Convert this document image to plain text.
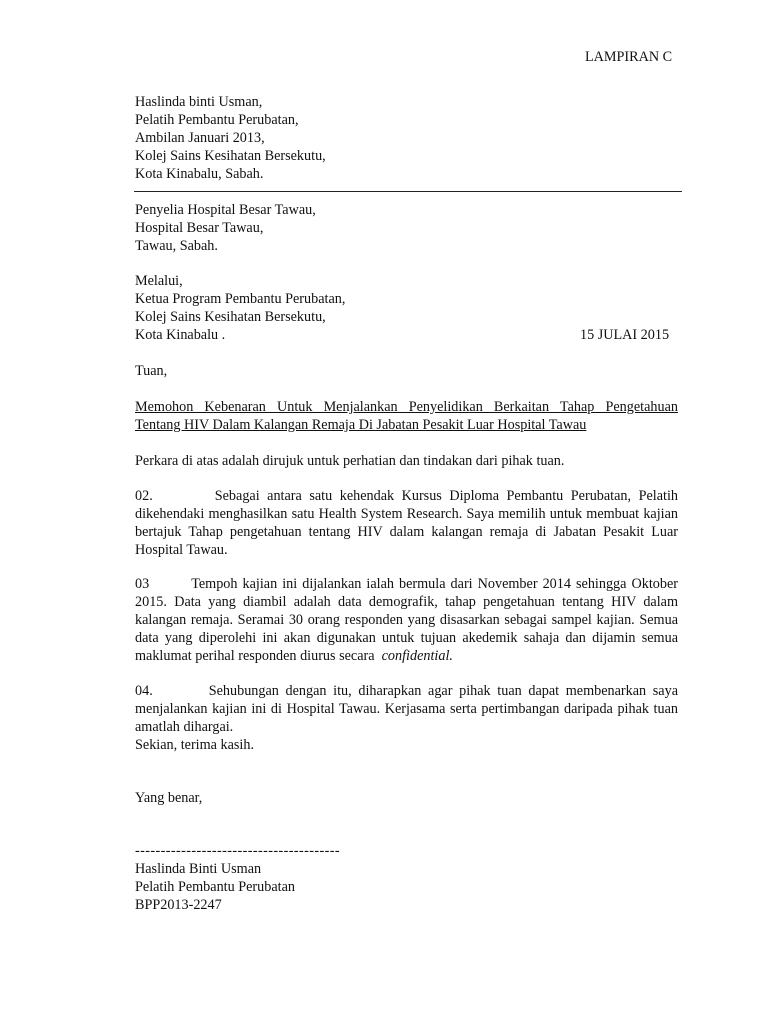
LAMPIRAN C
Haslinda binti Usman,
Pelatih Pembantu Perubatan,
Ambilan Januari 2013,
Kolej Sains Kesihatan Bersekutu,
Kota Kinabalu, Sabah.
Penyelia Hospital Besar Tawau,
Hospital Besar Tawau,
Tawau, Sabah.
Melalui,
Ketua Program Pembantu Perubatan,
Kolej Sains Kesihatan Bersekutu,
Kota Kinabalu .	15 JULAI 2015
Tuan,
Memohon Kebenaran Untuk Menjalankan Penyelidikan Berkaitan Tahap Pengetahuan
Tentang HIV Dalam Kalangan Remaja Di Jabatan Pesakit Luar Hospital Tawau
Perkara di atas adalah dirujuk untuk perhatian dan tindakan dari pihak tuan.
02.	Sebagai antara satu kehendak Kursus Diploma Pembantu Perubatan, Pelatih dikehendaki menghasilkan satu Health System Research. Saya memilih untuk membuat kajian bertajuk Tahap pengetahuan tentang HIV dalam kalangan remaja di Jabatan Pesakit Luar Hospital Tawau.
03	Tempoh kajian ini dijalankan ialah bermula dari November 2014 sehingga Oktober 2015. Data yang diambil adalah data demografik, tahap pengetahuan tentang HIV dalam kalangan remaja. Seramai 30 orang responden yang disasarkan sebagai sampel kajian. Semua data yang diperolehi ini akan digunakan untuk tujuan akedemik sahaja dan dijamin semua maklumat perihal responden diurus secara confidential.
04.	Sehubungan dengan itu, diharapkan agar pihak tuan dapat membenarkan saya menjalankan kajian ini di Hospital Tawau. Kerjasama serta pertimbangan daripada pihak tuan amatlah dihargai.
Sekian, terima kasih.
Yang benar,
----------------------------------------
Haslinda Binti Usman
Pelatih Pembantu Perubatan
BPP2013-2247
